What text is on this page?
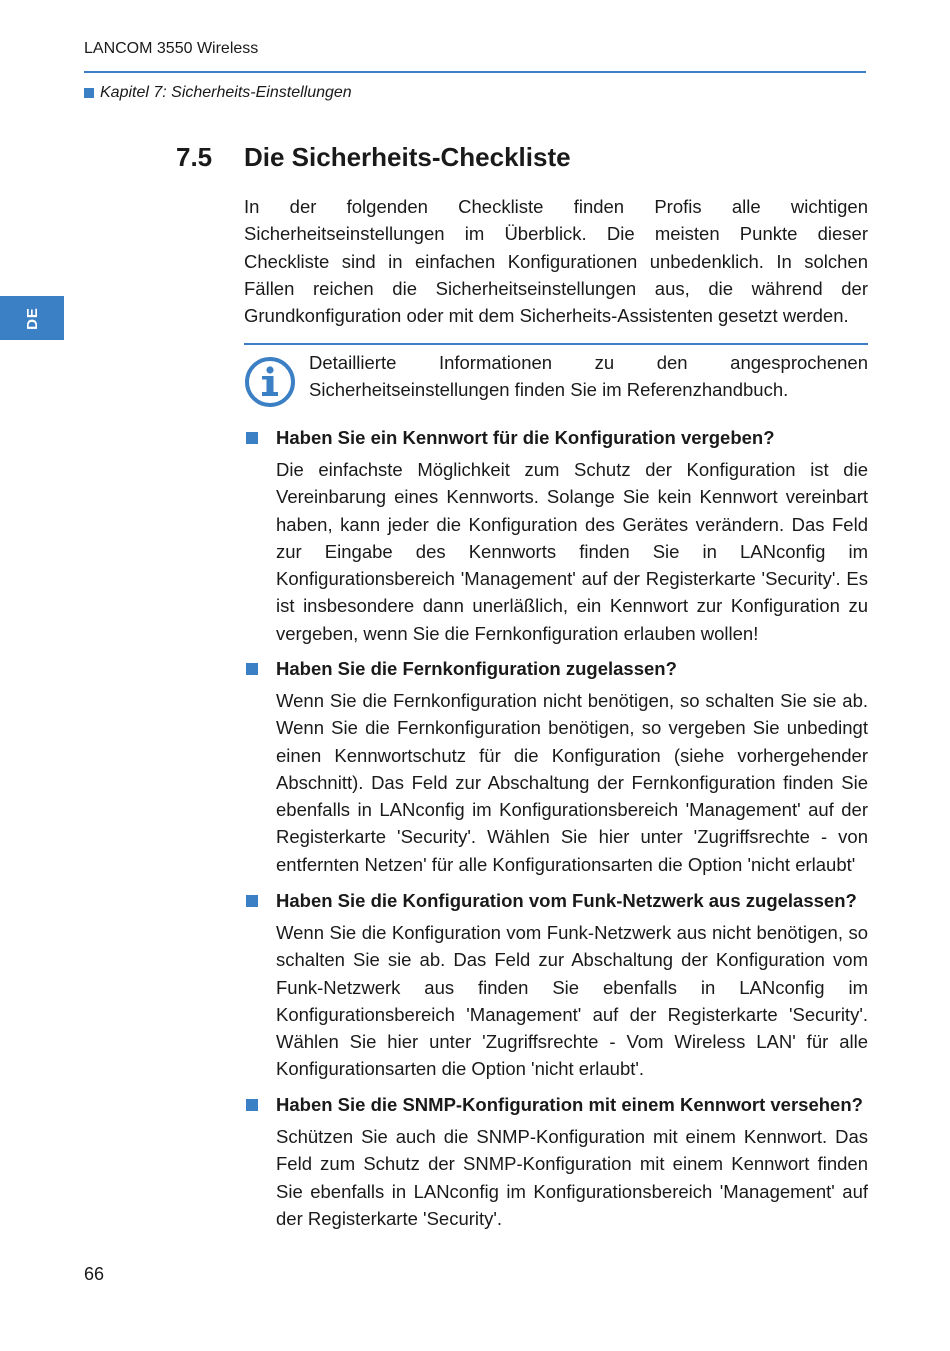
LANCOM 3550 Wireless
Kapitel 7: Sicherheits-Einstellungen
DE
7.5 Die Sicherheits-Checkliste

In der folgenden Checkliste finden Profis alle wichtigen Sicherheitseinstellungen im Überblick. Die meisten Punkte dieser Checkliste sind in einfachen Konfigurationen unbedenklich. In solchen Fällen reichen die Sicherheitseinstellungen aus, die während der Grundkonfiguration oder mit dem Sicherheits-Assistenten gesetzt werden.

Detaillierte Informationen zu den angesprochenen Sicherheitseinstellungen finden Sie im Referenzhandbuch.

Haben Sie ein Kennwort für die Konfiguration vergeben?

Die einfachste Möglichkeit zum Schutz der Konfiguration ist die Vereinbarung eines Kennworts. Solange Sie kein Kennwort vereinbart haben, kann jeder die Konfiguration des Gerätes verändern. Das Feld zur Eingabe des Kennworts finden Sie in LANconfig im Konfigurationsbereich 'Management' auf der Registerkarte 'Security'. Es ist insbesondere dann unerläßlich, ein Kennwort zur Konfiguration zu vergeben, wenn Sie die Fernkonfiguration erlauben wollen!

Haben Sie die Fernkonfiguration zugelassen?

Wenn Sie die Fernkonfiguration nicht benötigen, so schalten Sie sie ab. Wenn Sie die Fernkonfiguration benötigen, so vergeben Sie unbedingt einen Kennwortschutz für die Konfiguration (siehe vorhergehender Abschnitt). Das Feld zur Abschaltung der Fernkonfiguration finden Sie ebenfalls in LANconfig im Konfigurationsbereich 'Management' auf der Registerkarte 'Security'. Wählen Sie hier unter 'Zugriffsrechte - von entfernten Netzen' für alle Konfigurationsarten die Option 'nicht erlaubt'

Haben Sie die Konfiguration vom Funk-Netzwerk aus zugelassen?

Wenn Sie die Konfiguration vom Funk-Netzwerk aus nicht benötigen, so schalten Sie sie ab. Das Feld zur Abschaltung der Konfiguration vom Funk-Netzwerk aus finden Sie ebenfalls in LANconfig im Konfigurationsbereich 'Management' auf der Registerkarte 'Security'. Wählen Sie hier unter 'Zugriffsrechte - Vom Wireless LAN' für alle Konfigurationsarten die Option 'nicht erlaubt'.

Haben Sie die SNMP-Konfiguration mit einem Kennwort versehen?

Schützen Sie auch die SNMP-Konfiguration mit einem Kennwort. Das Feld zum Schutz der SNMP-Konfiguration mit einem Kennwort finden Sie ebenfalls in LANconfig im Konfigurationsbereich 'Management' auf der Registerkarte 'Security'.

66
